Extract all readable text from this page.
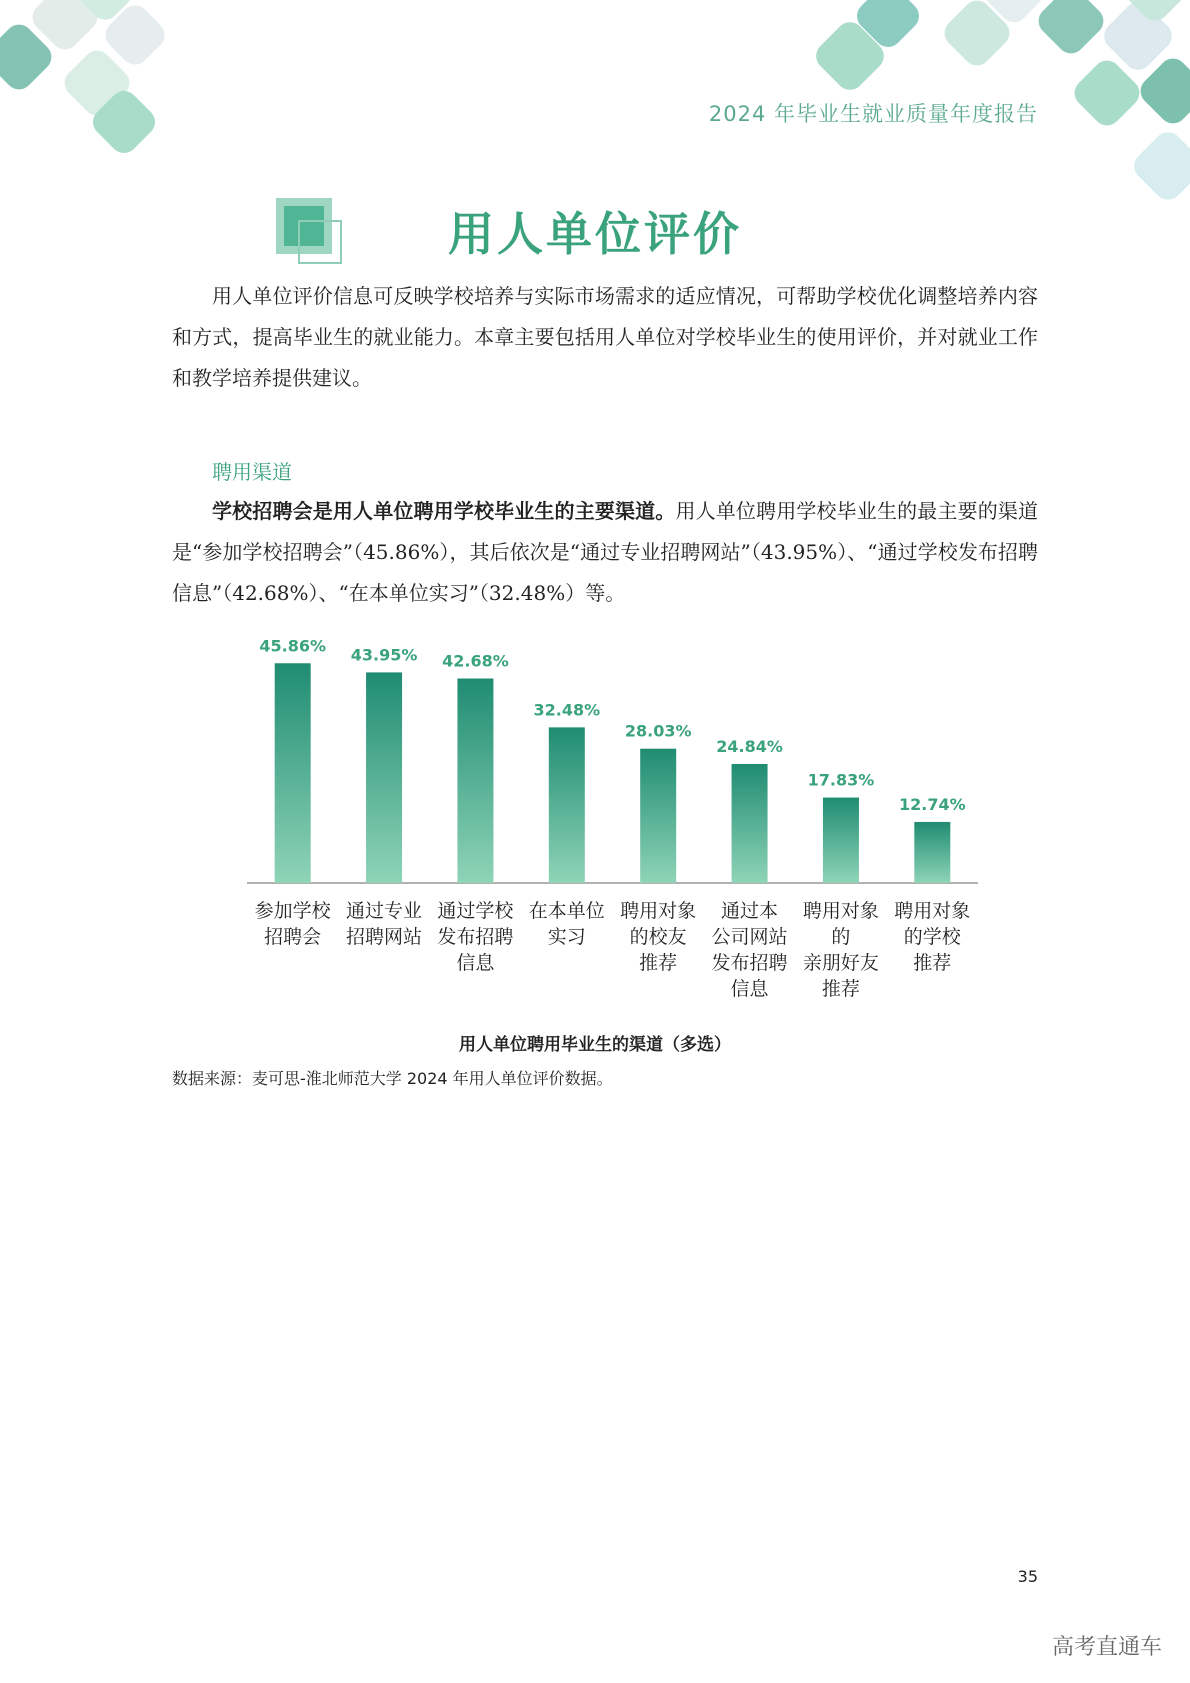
2024 年毕业生就业质量年度报告
用人单位评价

用人单位评价信息可反映学校培养与实际市场需求的适应情况，可帮助学校优化调整培养内容和方式，提高毕业生的就业能力。本章主要包括用人单位对学校毕业生的使用评价，并对就业工作和教学培养提供建议。

聘用渠道

学校招聘会是用人单位聘用学校毕业生的主要渠道。用人单位聘用学校毕业生的最主要的渠道是“参加学校招聘会”（45.86%），其后依次是“通过专业招聘网站”（43.95%）、“通过学校发布招聘信息”（42.68%）、“在本单位实习”（32.48%）等。

45.86%
参加学校
招聘会
43.95%
通过专业
招聘网站
42.68%
通过学校
发布招聘
信息
32.48%
在本单位
实习
28.03%
聘用对象
的校友
推荐
24.84%
通过本
公司网站
发布招聘
信息
17.83%
聘用对象
的
亲朋好友
推荐
12.74%
聘用对象
的学校
推荐
用人单位聘用毕业生的渠道（多选）
数据来源：麦可思-淮北师范大学 2024 年用人单位评价数据。
35
高考直通车
